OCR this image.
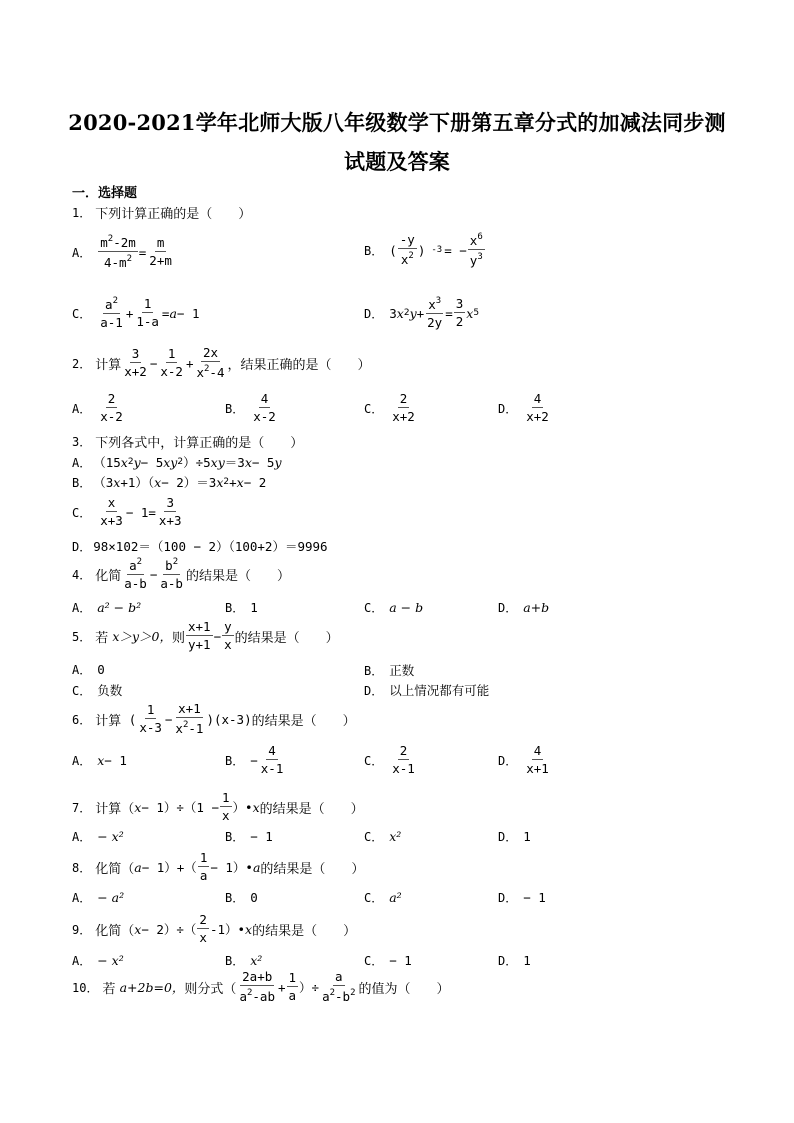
2020-2021学年北师大版八年级数学下册第五章分式的加减法同步测
试题及答案
一．选择题
1． 下列计算正确的是 （　　）
A． $\frac{m^2-2m}{4-m^2} = \frac{m}{2+m}$	B． ( $\frac{-y}{x^2}$ ) -3 = − $\frac{x^6}{y^3}$
C． $\frac{a^2}{a-1} + \frac{1}{1-a} = a - 1$	D． 3 x 2 $y + \frac{x^3}{2y} = \frac{3}{2}$ x 5
2． 计算 $\frac{3}{x+2} - \frac{1}{x-2} + \frac{2x}{x^2-4}$ ，结果正确的是 （　　）
A． $\frac{2}{x-2}$	B． $\frac{4}{x-2}$	C． $\frac{2}{x+2}$	D． $\frac{4}{x+2}$
3． 下列各式中，计算正确的是 （　　）
A． （15 x 2 y − 5 xy 2 ）÷5 xy ＝3 x − 5 y
B． （3 x +1）（ x − 2）＝3 x 2 + x − 2
C． $\frac{x}{x+3} - 1= \frac{3}{x+3}$
D． 98×102＝（100 − 2）（100+2）＝9996
4． 化简 $\frac{a^2}{a-b} - \frac{b^2}{a-b}$ 的结果是 （　　）
A． a² − b²	B． 1	C． a − b	D． a+b
5． 若
x＞y＞0， 则 $\frac{x+1}{y+1} - \frac{y}{x}$ 的结果是 （　　）
A． 0	B． 正数
C． 负数	D． 以上情况都有可能
6． 计算 ( $\frac{1}{x-3} - \frac{x+1}{x^2-1} )(x-3)$ 的结果是 （　　）
A． x − 1	B． − $\frac{4}{x-1}$	C． $\frac{2}{x-1}$	D． $\frac{4}{x+1}$
7． 计算（ $x - 1)\div(1 - \frac{1}{x}$ ）• x 的结果是 （　　）
A． − x²	B． − 1	C． x²	D． 1
8． 化简（ $a - 1)+( \frac{1}{a}$ − 1）• a 的结果是 （　　）
A． − a²	B． 0	C． a²	D． − 1
9． 化简（ $x - 2)\div( \frac{2}{x}$ -1）• x 的结果是 （　　）
A． − x²	B． x²	C． − 1	D． 1
10． 若
a+2b=0， 则分式（ $\frac{2a+b}{a^2-ab} + \frac{1}{a}$ ）÷ $\frac{a}{a^2-b^2}$ 的值为 （　　）
